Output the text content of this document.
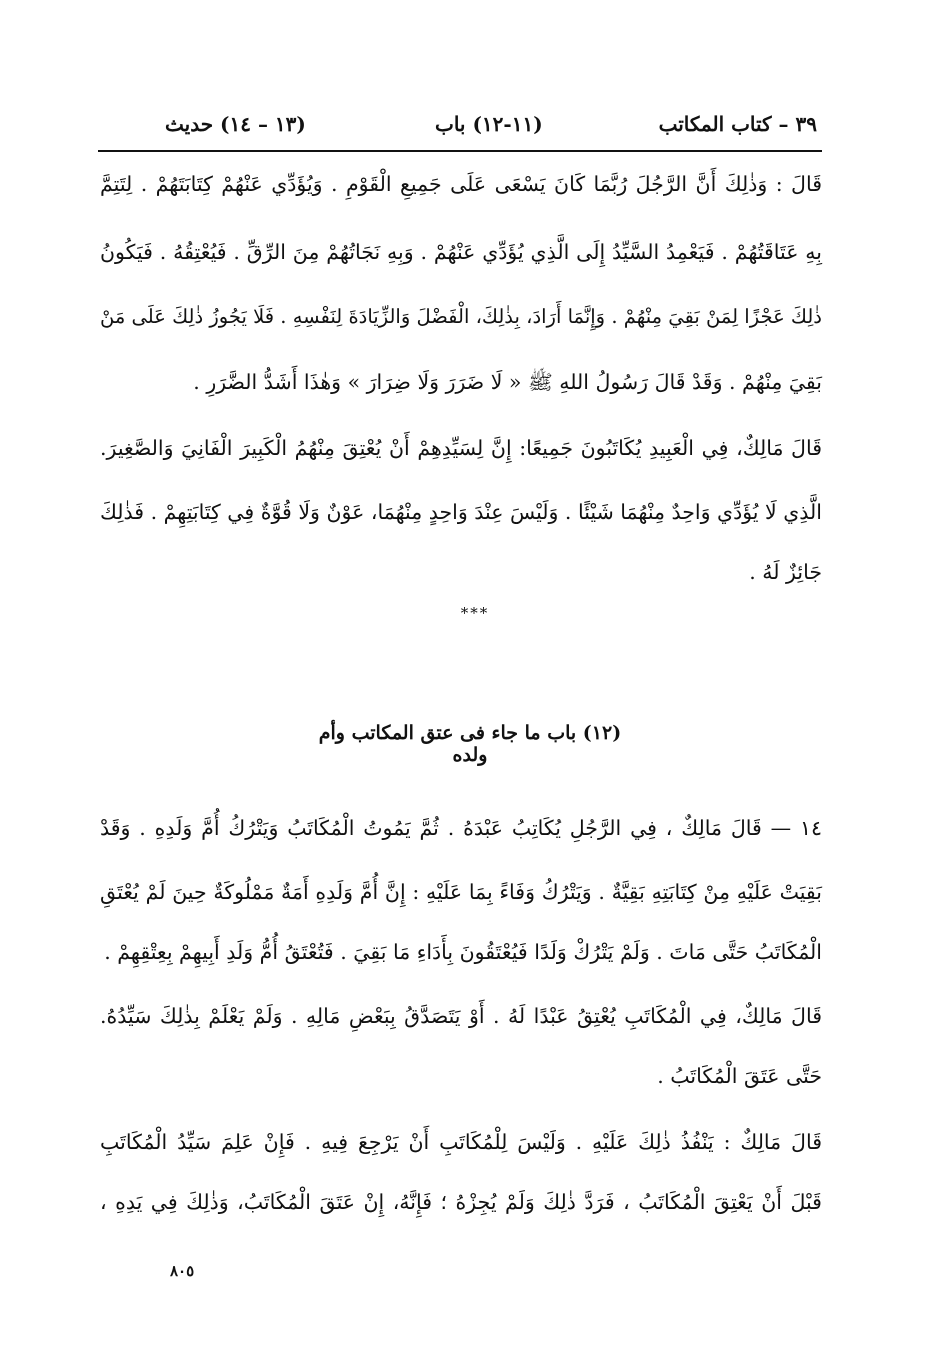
٣٩ – كتاب المكاتب
(١١-١٢) باب
(١٣ – ١٤) حديث
قَالَ : وَذٰلِكَ أَنَّ الرَّجُلَ رُبَّمَا كَانَ يَسْعَى عَلَى جَمِيعِ الْقَوْمِ . وَيُؤَدِّي عَنْهُمْ كِتَابَتَهُمْ . لِتَتِمَّ
بِهِ عَتَاقَتُهُمْ . فَيَعْمِدُ السَّيِّدُ إِلَى الَّذِي يُؤَدِّي عَنْهُمْ . وَبِهِ نَجَاتُهُمْ مِنَ الرِّقِّ . فَيُعْتِقُهُ . فَيَكُونُ
ذٰلِكَ عَجْزًا لِمَنْ بَقِيَ مِنْهُمْ . وَإِنَّمَا أَرَادَ، بِذٰلِكَ، الْفَضْلَ وَالزِّيَادَةَ لِنَفْسِهِ . فَلَا يَجُوزُ ذٰلِكَ عَلَى مَنْ
بَقِيَ مِنْهُمْ . وَقَدْ قَالَ رَسُولُ اللهِ ﷺ « لَا ضَرَرَ وَلَا ضِرَارَ » وَهٰذَا أَشَدُّ الضَّرَرِ .
قَالَ مَالِكٌ، فِي الْعَبِيدِ يُكَاتَبُونَ جَمِيعًا: إِنَّ لِسَيِّدِهِمْ أَنْ يُعْتِقَ مِنْهُمُ الْكَبِيرَ الْفَانِيَ وَالصَّغِيرَ.
الَّذِي لَا يُؤَدِّي وَاحِدٌ مِنْهُمَا شَيْئًا . وَلَيْسَ عِنْدَ وَاحِدٍ مِنْهُمَا، عَوْنٌ وَلَا قُوَّةٌ فِي كِتَابَتِهِمْ . فَذٰلِكَ
جَائِزٌ لَهُ .
***
(١٢) باب ما جاء فى عتق المكاتب وأم ولده
١٤ — قَالَ مَالِكٌ ، فِي الرَّجُلِ يُكَاتِبُ عَبْدَهُ . ثُمَّ يَمُوتُ الْمُكَاتَبُ وَيَتْرُكُ أُمَّ وَلَدِهِ . وَقَدْ
بَقِيَتْ عَلَيْهِ مِنْ كِتَابَتِهِ بَقِيَّةٌ . وَيَتْرُكُ وَفَاءً بِمَا عَلَيْهِ : إِنَّ أُمَّ وَلَدِهِ أَمَةٌ مَمْلُوكَةٌ حِينَ لَمْ يُعْتَقِ
الْمُكَاتَبُ حَتَّى مَاتَ . وَلَمْ يَتْرُكْ وَلَدًا فَيُعْتَقُونَ بِأَدَاءِ مَا بَقِيَ . فَتُعْتَقُ أُمُّ وَلَدِ أَبِيهِمْ بِعِتْقِهِمْ .
قَالَ مَالِكٌ، فِي الْمُكَاتَبِ يُعْتِقُ عَبْدًا لَهُ . أَوْ يَتَصَدَّقُ بِبَعْضِ مَالِهِ . وَلَمْ يَعْلَمْ بِذٰلِكَ سَيِّدُهُ.
حَتَّى عَتَقَ الْمُكَاتَبُ .
قَالَ مَالِكٌ : يَنْفُذُ ذٰلِكَ عَلَيْهِ . وَلَيْسَ لِلْمُكَاتَبِ أَنْ يَرْجِعَ فِيهِ . فَإِنْ عَلِمَ سَيِّدُ الْمُكَاتَبِ
قَبْلَ أَنْ يَعْتِقَ الْمُكَاتَبُ ، فَرَدَّ ذٰلِكَ وَلَمْ يُجِزْهُ ؛ فَإِنَّهُ، إِنْ عَتَقَ الْمُكَاتَبُ، وَذٰلِكَ فِي يَدِهِ ،
٨٠٥
